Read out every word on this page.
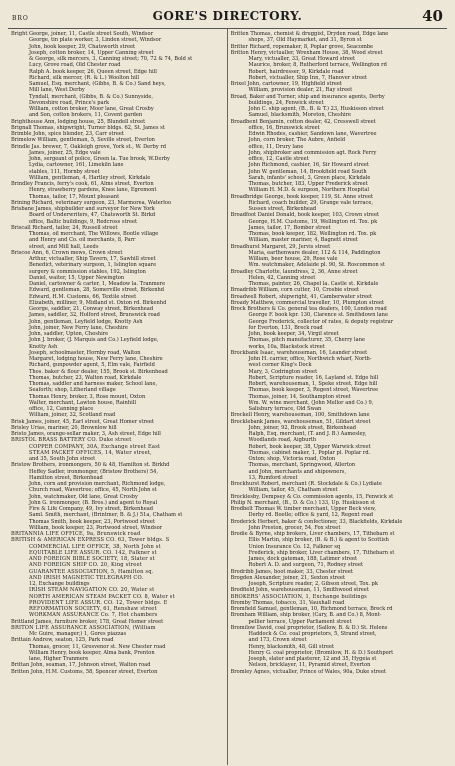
BRO	GORE'S DIRECTORY.	40

Bright George, joiner, 11, Castle street South, Windsor

George, tin plate worker, 3, Linden street, Windsor

John, book keeper, 29, Chatsworth street

Joseph, cotton broker, 14, Upper Canning street

& George, silk mercers, 3, Canning street; 70, 72 & 74, Bold st

Lucy, Grove road, Old Chester road

Ralph A. book keeper, 26, Queen street, Edge hill

Richard, silk mercer, (R. & L.) Woolton hill

Samuel, Esq. merchant, (Gibbs, B. & Co.) Sand heys,

Mill lane, West Derby

Tyndall, merchant, (Gibbs, B. & Co.) Sunnyside,

Devonshire road, Prince's park

William, cotton broker, Moor lane, Great Crosby

and Son, cotton brokers, 11, Covent garden

Brighthouse Ann, lodging house, 25, Blundell street

Brignall Thomas, shipwright, Turner bldgs. 62, St. James st

Brimble John, spice blender, 23, Carr street

Brimelow William, gentleman, 5, Seville street, Everton

Brindle Jas. brewer, 7, Oakleigh grove, York st., W. Derby rd

James, joiner, 25, Edge vale

John, sergeant of police, Green la. Tue brook, W.Derby

Lydia, cartowner, 161, Limekiln lane

stables, 111, Hornby street

William, gentleman, 4, Hartley street, Kirkdale

Brindley Francis, ferry's cook, 61, Alms street, Everton

Henry, strawberry gardens, Knee lane, Egremont

Thomas, tailor, 17, Mount pleasant

Brining Richard, veterinary surgeon, 23, Marmorea, Waterloo

Brisbane James, shipbuilder and surveyor for New York

Board of Underwriters, 47, Chatsworth St. Birkd

office, Baltic buildings, 9, Redcross street

Briscall Richard, tailor, 24, Russell street

Thomas, oil merchant, The Willows, Bootle village

and Henry and Co. oil merchants, 8, Parr

street, and Mill hall, Leeds

Briscoe Ann, 6, Crown mews, Crown street

Arthur, victualler, Ship Tavern, 17, Sawhill street

Benedict, veterinary surgeon, 1, Islington square

surgery & commission stables, 192, Islington

Daniel, waiter, 15, Upper Newington

Daniel, cartowner & carter, 1, Meadow la. Tranmere

Edward, gentleman, 28, Somerville street, Birkenhd

Edward, H.M. Customs, 66, Textile street

Elizabeth, milliner, 9, Midland st. Oxton rd. Birkenhd

George, saddler, 21, Conway street, Birkenhead

James, saddler, 32, Holford street, Brunswick road

John, gentleman, Leyfield lodge, Knotty Ash

John, joiner, New Ferry lane, Cheshire

John, saddler, Upton, Cheshire

John J. broker, (J. Marquis and Co.) Leyfield lodge,

Knotty Ash

Joseph, schoolmaster, Hornby road, Walton

Margaret, lodging house, New Ferry lane, Cheshire

Richard, gunpowder agent, 5, Elm vale, Fairfield

Thos. baker & flour dealer, 155, Brook st. Birkenhead

Thomas, butcher, 23, Walton road, Kirkdale

Thomas, saddler and harness maker, School lane,

Seaforth; shop, Litherland village

Thomas Henry, broker, 3, Rose mount, Oxton

Walter, merchant, Lawton house, Rainhill

office, 12, Canning place

William, joiner, 32, Scotland road

Brisk James, joiner, 45, Earl street, Great Homer street

Brisley Urias, mariner, 20, Brownlow hill

Bristo James, orange-sellar maker, 3, Ash street, Edge hill

BRISTOL BRASS BATTERY CO. Duke street

COPPER COMPANY, 30A, Exchange street East

STEAM PACKET OFFICES, 14, Water street,

and 35, South John street

Bristow Brothers, ironmongers, 50 & 48, Hamilton st. Birkhd

Heffey Sadler, ironmonger, (Bristow Brothers) 54,

Hamilton street, Birkenhead

John, corn and provision merchant, Richmond lodge,

Church road, Wavertree; office, 45, North John st

John, watchmaker, Old lane, Great Crosby

John G. ironmonger, (B. Bros.) and agent to Royal

Fire & Life Company, 49, Ivy street, Birkenhead

Saml. Smith, merchant, (Brintmer, B. & J.) 51a, Chatham st

Thomas Smith, book keeper, 23, Portwood street

William, book keeper, 23, Portwood street, Windsor

BRITANNIA LIFE OFFICE, 9a, Brunswick road

BRITISH & AMERICAN EXPRESS CO. 63, Tower bldgs. S

COMMERCIAL LIFE OFFICE, 38, North John st

EQUITABLE LIFE ASSUR. CO. 142, Falkner st

AND FOREIGN BIBLE SOCIETY, 18, Slater st

AND FOREIGN SHIP CO. 20, King street

GUARANTEE ASSOCIATION, 5, Hamilton sq.

AND IRISH MAGNETIC TELEGRAPH CO.

12, Exchange buildings

IRISH STEAM NAVIGATION CO. 20, Water st

NORTH AMERICAN STEAM PACKET CO. 8, Water st

PROVIDENT LIFE ASSUR. CO. 12, Tower bldgs. E

REFORMATION SOCIETY, 61, Renshaw street

WORKMAN ASSURANCE Co. 7, Hot chambers

Brittland James, furniture broker, 178, Great Homer street

BRITON LIFE ASSURANCE ASSOCIATION, (William

Mc Guire, manager,) 1, Gores piazzas

Brittain Andrew, seaton, 125, Park road

Thomas, grocer, 11, Grosvenor st. New Chester road

William Henry, book keeper, Alma bank, Prenton

lane, Higher Tranmere

Brittan John, seaman, 17, Johnson street, Walton road

Britten John, H.M. Customs, 58, Spencer street, Everton

Britten Thomas, chemist & druggist, Dryden road, Edge lane

shops, 37, Old Haymarket, and 31, Byron st

Britter Richard, ropemaker, 8, Poplar grove, Seacombe

Britton Henry, victualler, Wrexham House, 38, Wood street

Mary, victualler, 33, Great Howard street

Maurice, broker, 8, Rutherford terrace, Wellington rd

Robert, hairdresser, 9, Kirkdale road

Robert, victualler, Ship Inn, 7, Hanover street

Brixel John, cartowner, 19, Highfield street

William, provision dealer, 21, Ray street

Broad, Baker and Turner, ship and insurance agents, Derby

buildings, 24, Fenwick street

John C. ship agent, (B., B. & T.) 23, Huskisson street

Samuel, blacksmith, Moreton, Cheshire

Broadbent Benjamin, cotton dealer, 42, Cresswell street

office, 16, Brunswick street

Edwin Rhodes, cashier, Sandown lane, Wavertree

John, corn broker, The Aubre, Anfield

office, 11, Drury lane

John, shipbroker and commission agt. Rock Ferry

office, 12, Castle street

John Richmond, cashier, 16, Sir Howard street

John W. gentleman, 14, Brookfield road South

Sarah, infants' school, 3, Green place, Kirkdale

Thomas, butcher, 183, Upper Frederick street

William H. M.D. & surgeon, Northern Hospital

Broadbridge George, book keeper, 119, St. Anne street

Richard, coach builder, 29, Grange vale terrace,

Sussex street, Birkenhead

Broadfoot Daniel Donald, book keeper, 103, Crown street

George, H.M. Customs, 19, Wellington rd. Tox. pk

James, tailor, 17, Bomber street

Thomas, book keeper, 182, Wellington rd. Tox. pk

William, master mariner, 4, Bagnett street

Broadhurst Margaret, 29, Jervis street

Maria, earthenware dealer, 112 & 114, Paddington

William, beer house, 29, Rose vale

Wm. watchmaker, Adelaide pl. 90, St. Roscommon st

Broadley Charlotte, laundress, 2, 36, Anne street

Helen, 42, Canning street

Thomas, painter, 26, Chapel la. Castle st. Kirkdale

Broadribb William, corn cutter, 10, Crosbie street

Broadwell Robert, shipwright, 41, Camberwater street

Broady Matthew, commercial traveller, 10, Plumpton street

Brock Brothers & Co. general tea dealers, 100, London road

George F. book kpr. 130, Clarence st. Smithdown lane

George Frederick, collector of rates, & deputy registrar

for Everton, 131, Breck road

John, book keeper, 34, Virgil street

Thomas, pitch manufacturer, 35, Cherry lane

works, 10a, Blackstock street

Brockbank Isaac, warehouseman, 16, Leander street

John H. carrier, office, Northwich wharf, North-

west corner King's Dock

Mary, 3, Codrington street

Robert, Scripture reader, 16, Layland st. Edge hill

Robert, warehouseman, 1, Speke street, Edge hill

Thomas, book keeper, 3, Regent street, Wavertree

Thomas, joiner, 14, Southampton street

Wm. W. wine merchant, (John Mellor and Co.) 9,

Salisbury terrace, Old Swan

Brockell Henry, warehouseman, 100, Smithdown lane

Brocklebank James, warehouseman, 51, Gildart street

John, joiner, 92, Brook street, Birkenhead

Ralph, Esq. merchant, (T. and J. B.) Aamesley,

Woodlands road, Aigburth

Robert, book keeper, 38, Upper Warwick street

Thomas, cabinet maker, 1, Poplar pl. Poplar rd.

Oxton; shop, Victoria road, Oxton

Thomas, merchant, Springwood, Allerton

and John, merchants and shipowners,

13, Rumford street

Brockhurst Robert, merchant (R. Stockdale & Co.) Lydiate

William, tailor, 45, Chatham street

Brocklesby, Dempsey & Co. commission agents, 15, Fenwick st

Philip N. merchant, (B., D. & Co.) 133, Up. Huskisson st

Brodbelt Thomas W. timber merchant, Upper Beck view,

Derby rd. Bootle; office & yard, 12, Regent road

Broderick Herbert, baker & confectioner, 33, Blackfields, Kirkdale

John Preston, grocer, 54, Fox street

Brodie & Byrne, ship brokers, Liver chambers, 17, Tithebarn st

Ellis Martin, ship broker, (B. & B.) & agent to Scottish

Union Insurance Co. 12, Falkner sq

Frederick, ship broker, Liver chambers, 17, Tithebarn st

James, dock gateman, 188, Latimer street

Robert A. D. and surgeon, 71, Rodney street

Brodribb James, boot maker, 33, Chester street

Brogden Alexander, joiner, 21, Sexton street

Joseph, Scripture reader, 2, Gibson street, Tox. pk

Brodfield John, warehouseman, 11, Smithwood street

BROKERS' ASSOCIATION, 1, Exchange buildings

Bromby Thomas, tobacco, 31, Vauxhall road

Bromfield Samuel, gentleman, 10, Richmond terrace, Breck rd

Bromham William, ship broker, (Cary, B. and Co.) 8, Mont-

pellier terrace, Upper Parliament street

Bromilow David, coal proprietor, (Sallow, B. & D.) St. Helens

Haddock & Co. coal proprietors, 5, Strand street,

and 173, Crown street

Henry, blacksmith, 48, Gill street

Henry G. coal proprietor, (Bromilow, H. & D.) Southport

Joseph, slater and plasterer, 12 and 35, Hygeia st

Nelson, bricklayer, 11, Pyramid street, Everton

Bromley Agnes, victualler, Prince of Wales, 90a, Duke street
